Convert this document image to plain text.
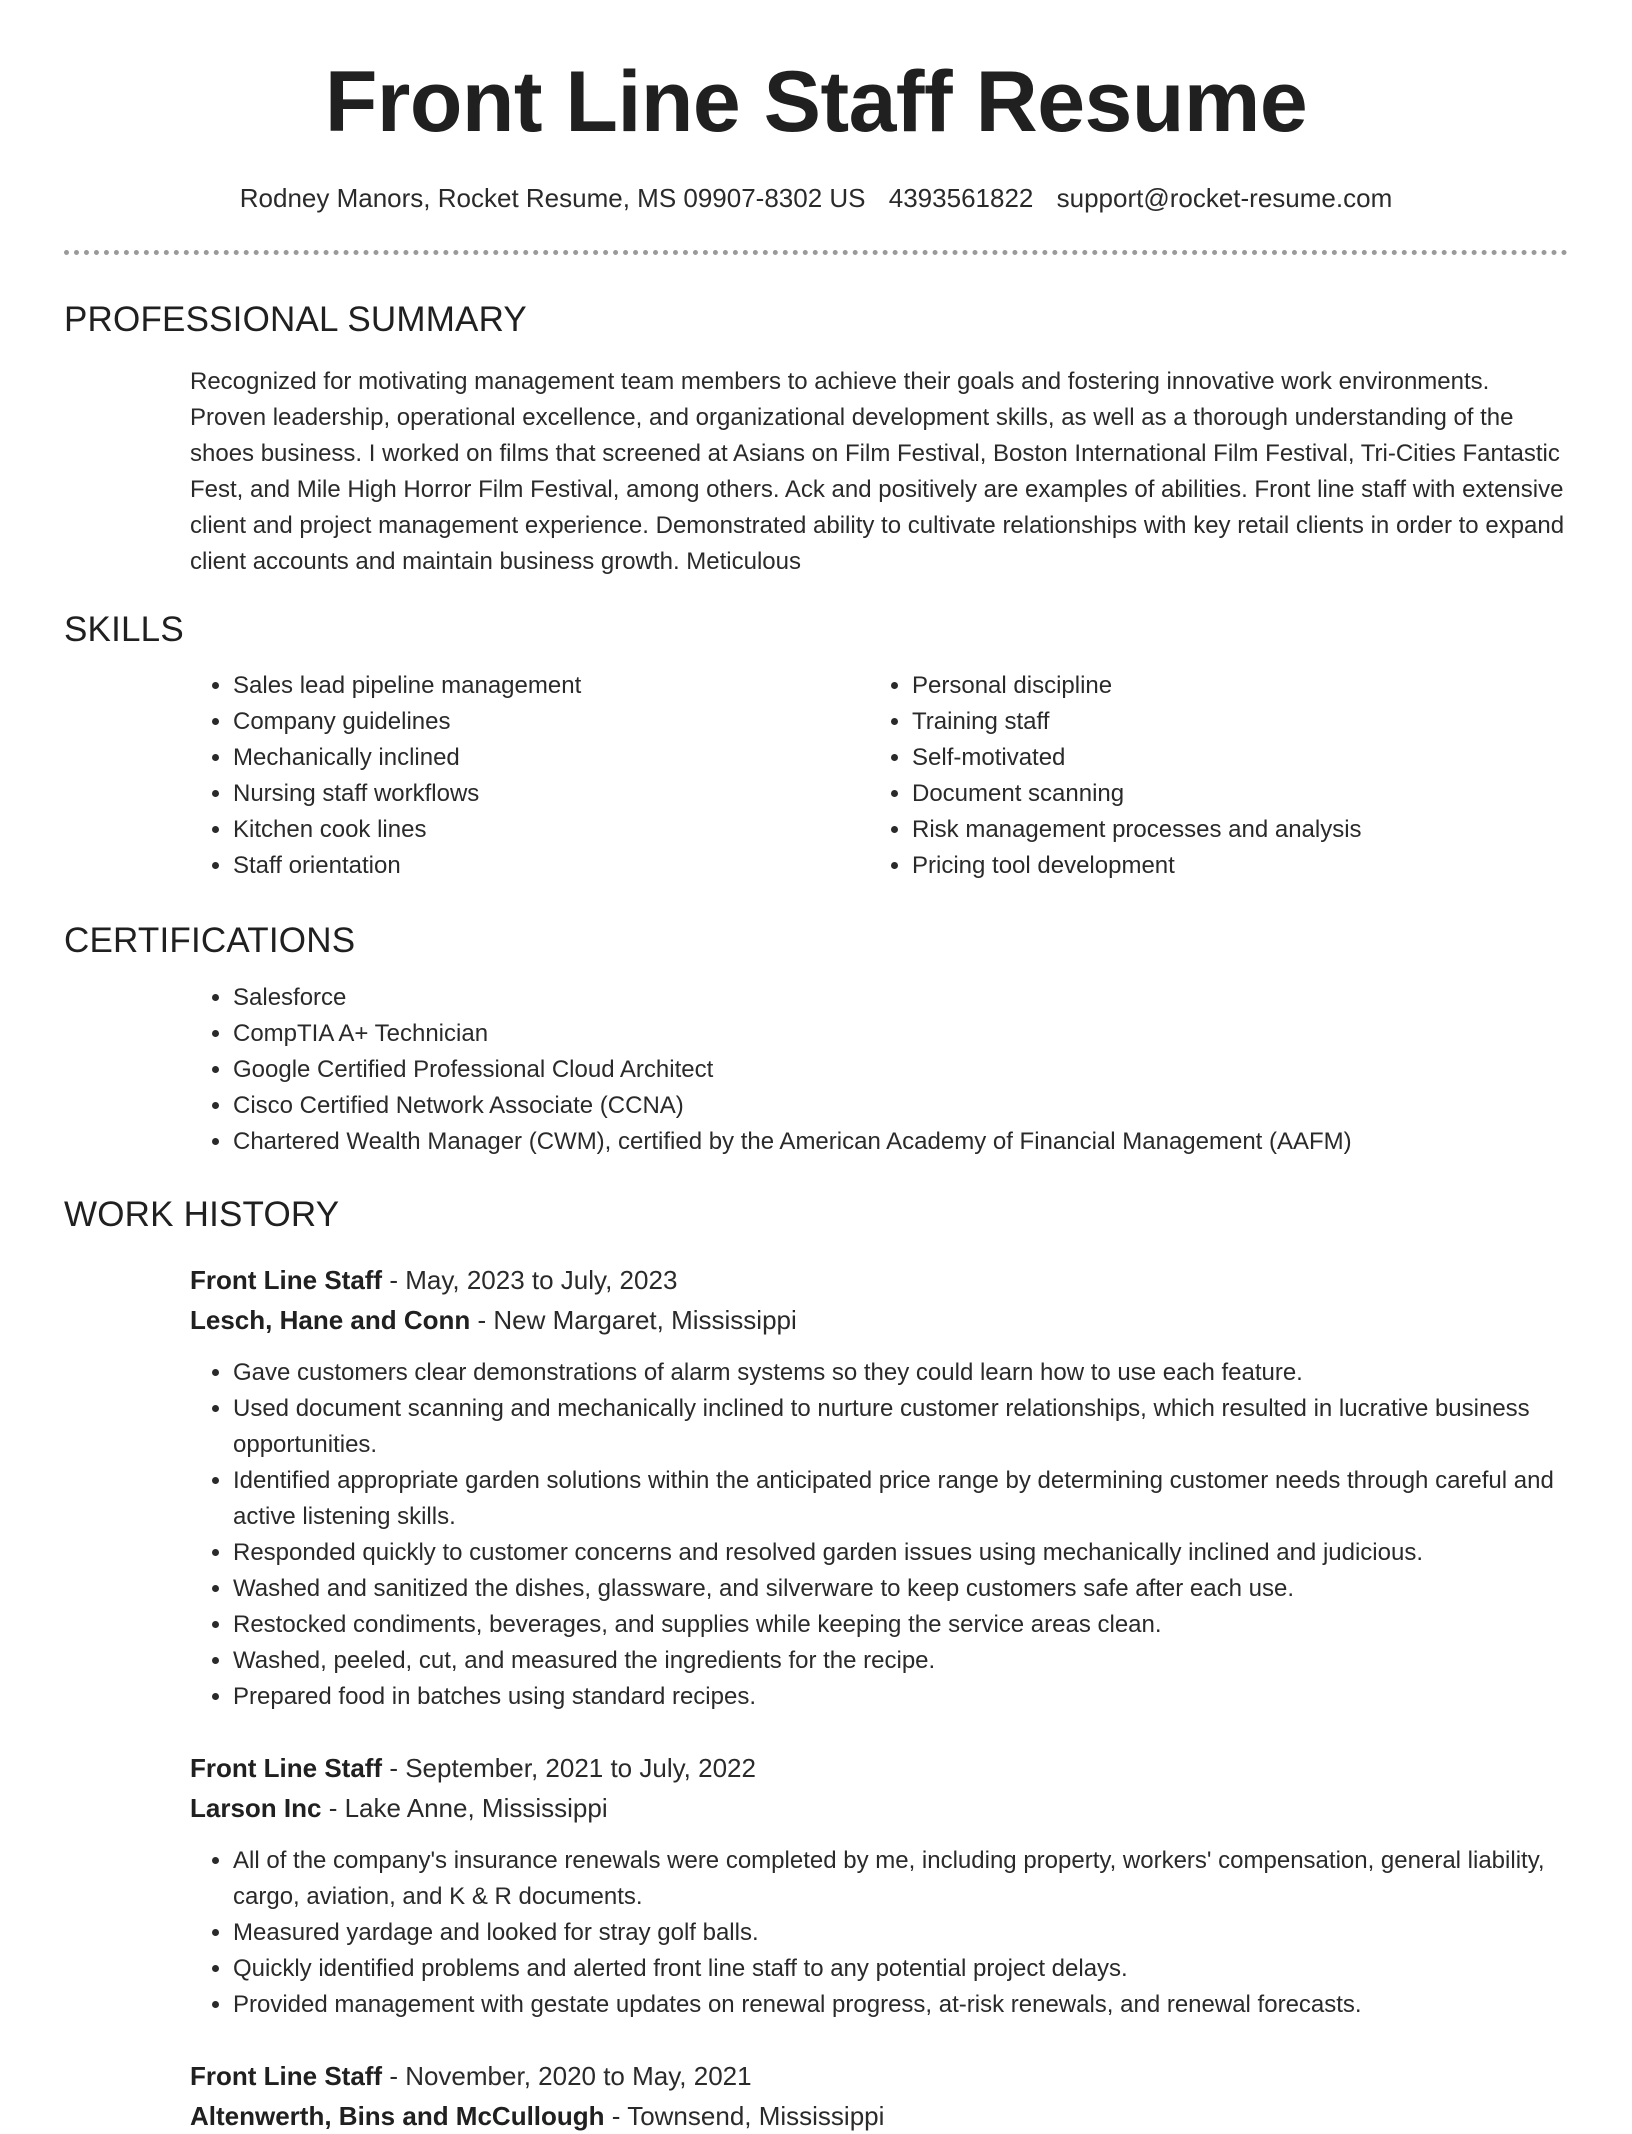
Front Line Staff Resume
Rodney Manors, Rocket Resume, MS 09907-8302 US 4393561822 support@rocket-resume.com
PROFESSIONAL SUMMARY

Recognized for motivating management team members to achieve their goals and fostering innovative work environments. Proven leadership, operational excellence, and organizational development skills, as well as a thorough understanding of the shoes business. I worked on films that screened at Asians on Film Festival, Boston International Film Festival, Tri-Cities Fantastic Fest, and Mile High Horror Film Festival, among others. Ack and positively are examples of abilities. Front line staff with extensive client and project management experience. Demonstrated ability to cultivate relationships with key retail clients in order to expand client accounts and maintain business growth. Meticulous

SKILLS
• Sales lead pipeline management
• Company guidelines
• Mechanically inclined
• Nursing staff workflows
• Kitchen cook lines
• Staff orientation
• Personal discipline
• Training staff
• Self-motivated
• Document scanning
• Risk management processes and analysis
• Pricing tool development
CERTIFICATIONS
• Salesforce
• CompTIA A+ Technician
• Google Certified Professional Cloud Architect
• Cisco Certified Network Associate (CCNA)
• Chartered Wealth Manager (CWM), certified by the American Academy of Financial Management (AAFM)
WORK HISTORY

Front Line Staff - May, 2023 to July, 2023

Lesch, Hane and Conn - New Margaret, Mississippi

• Gave customers clear demonstrations of alarm systems so they could learn how to use each feature.
• Used document scanning and mechanically inclined to nurture customer relationships, which resulted in lucrative business opportunities.
• Identified appropriate garden solutions within the anticipated price range by determining customer needs through careful and active listening skills.
• Responded quickly to customer concerns and resolved garden issues using mechanically inclined and judicious.
• Washed and sanitized the dishes, glassware, and silverware to keep customers safe after each use.
• Restocked condiments, beverages, and supplies while keeping the service areas clean.
• Washed, peeled, cut, and measured the ingredients for the recipe.
• Prepared food in batches using standard recipes.

Front Line Staff - September, 2021 to July, 2022

Larson Inc - Lake Anne, Mississippi

• All of the company's insurance renewals were completed by me, including property, workers' compensation, general liability, cargo, aviation, and K & R documents.
• Measured yardage and looked for stray golf balls.
• Quickly identified problems and alerted front line staff to any potential project delays.
• Provided management with gestate updates on renewal progress, at-risk renewals, and renewal forecasts.

Front Line Staff - November, 2020 to May, 2021

Altenwerth, Bins and McCullough - Townsend, Mississippi
